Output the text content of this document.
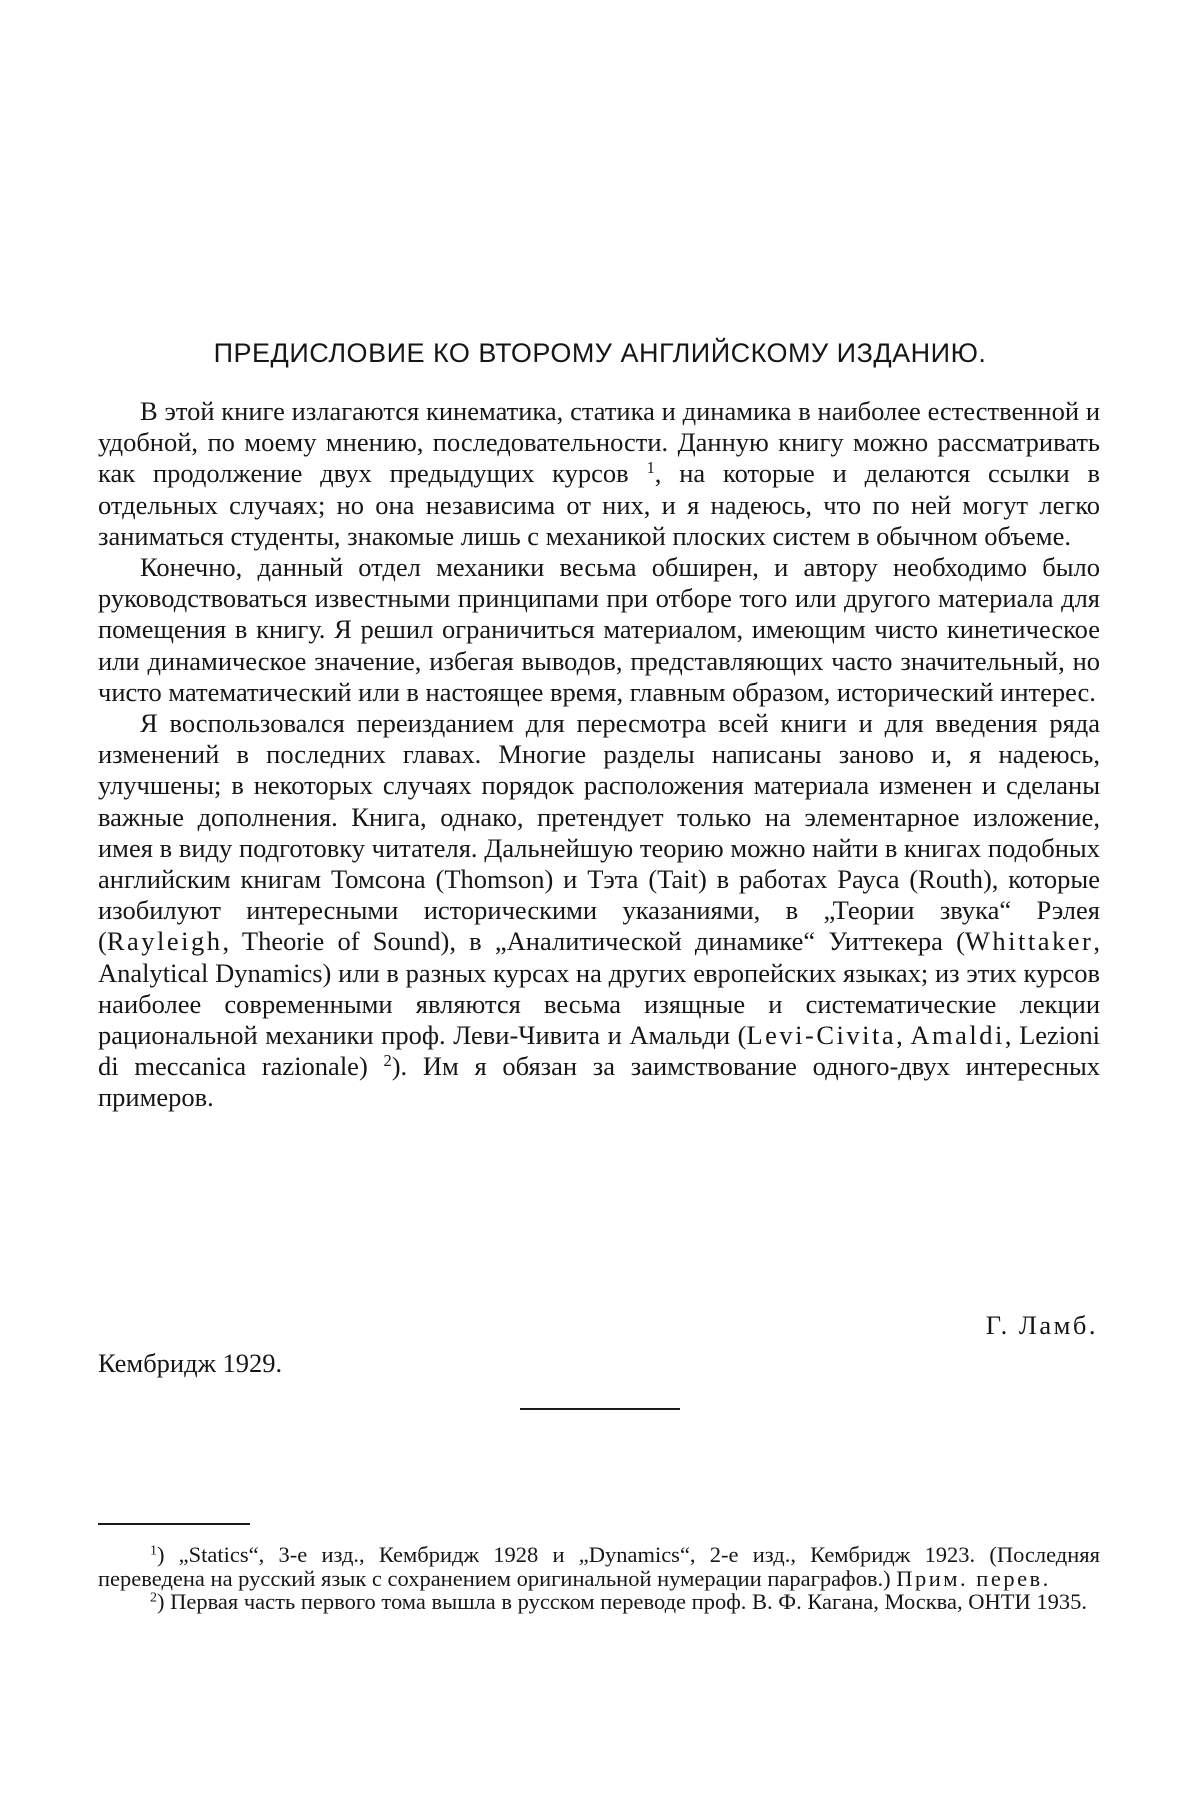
ПРЕДИСЛОВИЕ КО ВТОРОМУ АНГЛИЙСКОМУ ИЗДАНИЮ.

В этой книге излагаются кинематика, статика и динамика в наиболее естественной и удобной, по моему мнению, последовательности. Данную книгу можно рассматривать как продолжение двух предыдущих курсов $^1$, на которые и делаются ссылки в отдельных случаях; но она независима от них, и я надеюсь, что по ней могут легко заниматься студенты, знакомые лишь с механикой плоских систем в обычном объеме.

Конечно, данный отдел механики весьма обширен, и автору необходимо было руководствоваться известными принципами при отборе того или другого материала для помещения в книгу. Я решил ограничиться материалом, имеющим чисто кинетическое или динамическое значение, избегая выводов, представляющих часто значительный, но чисто математический или в настоящее время, главным образом, исторический интерес.

Я воспользовался переизданием для пересмотра всей книги и для введения ряда изменений в последних главах. Многие разделы написаны заново и, я надеюсь, улучшены; в некоторых случаях порядок расположения материала изменен и сделаны важные дополнения. Книга, однако, претендует только на элементарное изложение, имея в виду подготовку читателя. Дальнейшую теорию можно найти в книгах подобных английским книгам Томсона (Thomson) и Тэта (Tait) в работах Рауса (Routh), которые изобилуют интересными историческими указаниями, в „Теории звука“ Рэлея (Rayleigh, Theorie of Sound), в „Аналитической динамике“ Уиттекера (Whittaker, Analytical Dynamics) или в разных курсах на других европейских языках; из этих курсов наиболее современными являются весьма изящные и систематические лекции рациональной механики проф. Леви-Чивита и Амальди (Levi-Civita, Amaldi, Lezioni di meccanica razionale) $^2$). Им я обязан за заимствование одного-двух интересных примеров.

Г. Ламб.
Кембридж 1929.

$^1$) „Statics“, 3-е изд., Кембридж 1928 и „Dynamics“, 2-е изд., Кембридж 1923. (Последняя переведена на русский язык с сохранением оригинальной нумерации параграфов.) Прим. перев.

$^2$) Первая часть первого тома вышла в русском переводе проф. В. Ф. Кагана, Москва, ОНТИ 1935.
